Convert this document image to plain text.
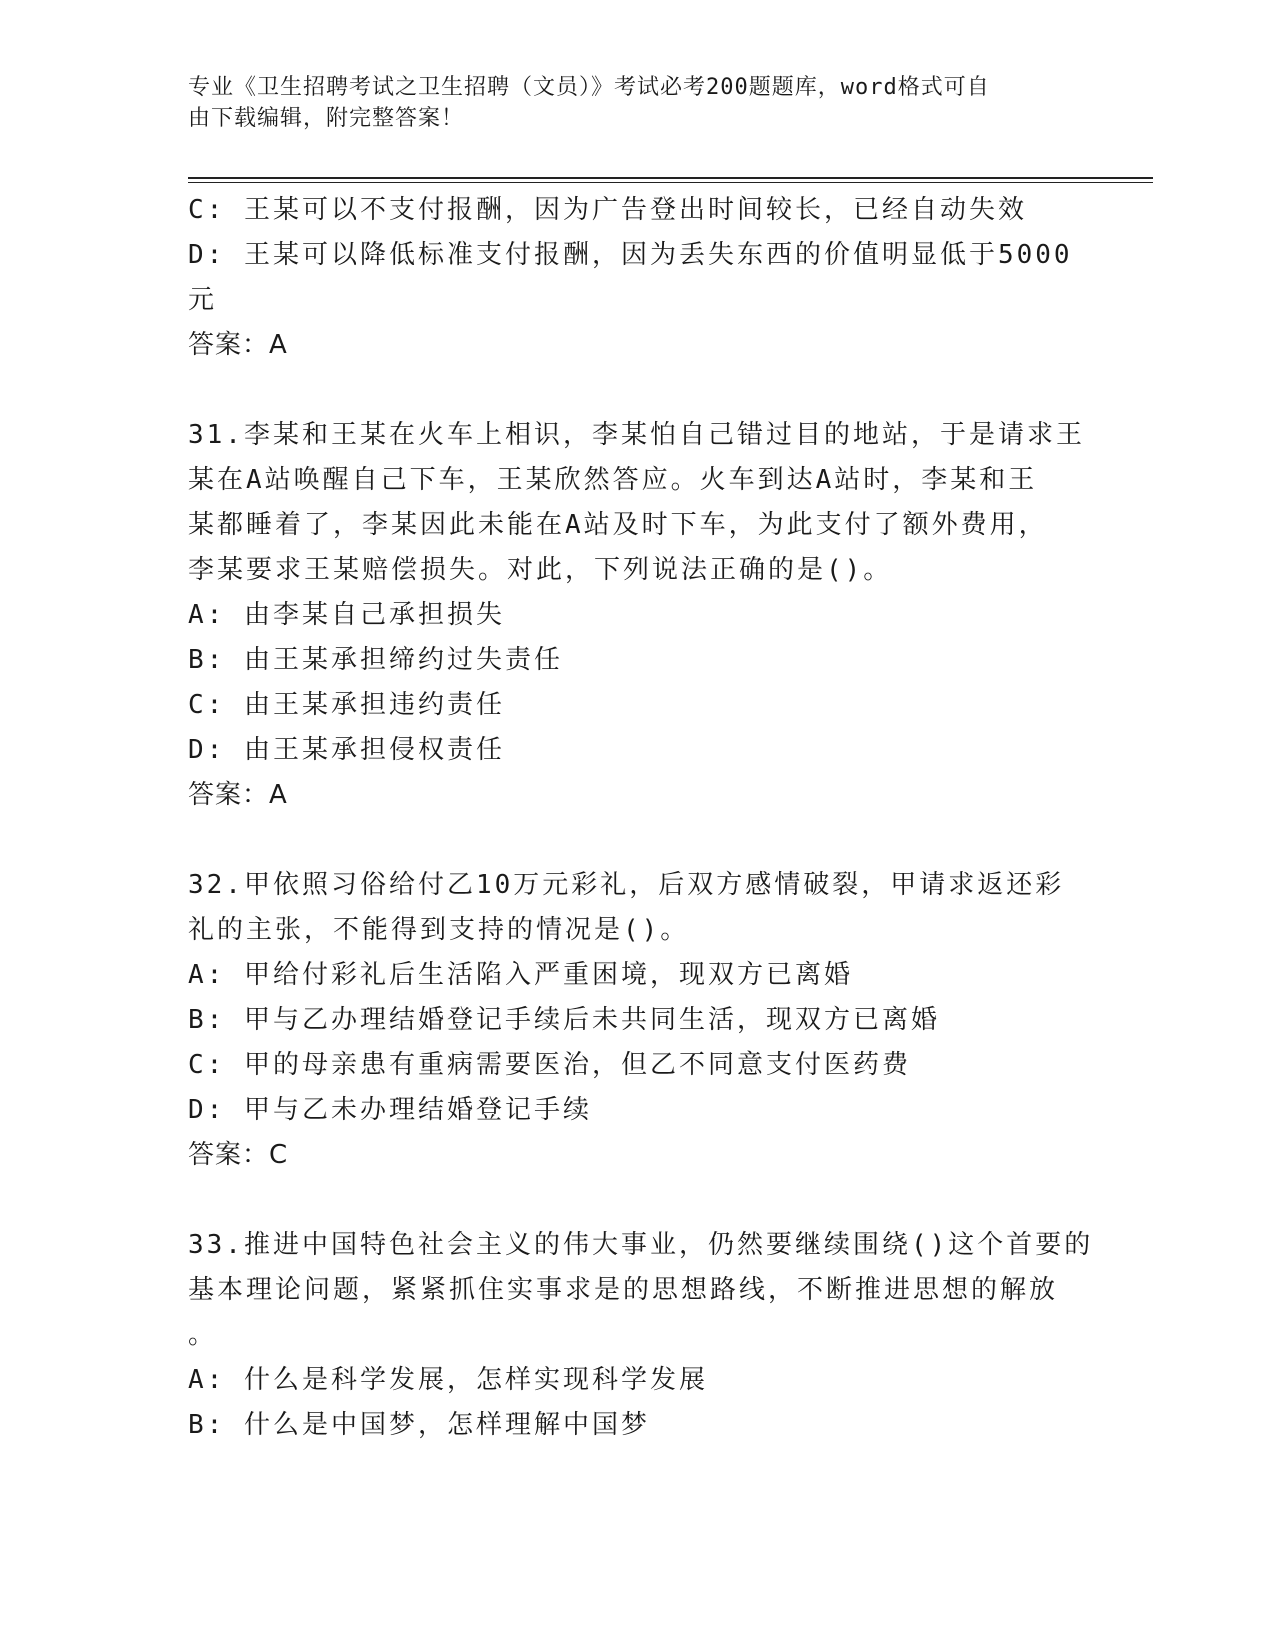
专业《卫生招聘考试之卫生招聘（文员）》考试必考200题题库，word格式可自
由下载编辑，附完整答案！
C: 王某可以不支付报酬，因为广告登出时间较长，已经自动失效
D: 王某可以降低标准支付报酬，因为丢失东西的价值明显低于5000
元
答案：A
31.李某和王某在火车上相识，李某怕自己错过目的地站，于是请求王
某在A站唤醒自己下车，王某欣然答应。火车到达A站时，李某和王
某都睡着了，李某因此未能在A站及时下车，为此支付了额外费用，
李某要求王某赔偿损失。对此，下列说法正确的是()。
A: 由李某自己承担损失
B: 由王某承担缔约过失责任
C: 由王某承担违约责任
D: 由王某承担侵权责任
答案：A
32.甲依照习俗给付乙10万元彩礼，后双方感情破裂，甲请求返还彩
礼的主张，不能得到支持的情况是()。
A: 甲给付彩礼后生活陷入严重困境，现双方已离婚
B: 甲与乙办理结婚登记手续后未共同生活，现双方已离婚
C: 甲的母亲患有重病需要医治，但乙不同意支付医药费
D: 甲与乙未办理结婚登记手续
答案：C
33.推进中国特色社会主义的伟大事业，仍然要继续围绕()这个首要的
基本理论问题，紧紧抓住实事求是的思想路线，不断推进思想的解放
。
A: 什么是科学发展，怎样实现科学发展
B: 什么是中国梦，怎样理解中国梦
